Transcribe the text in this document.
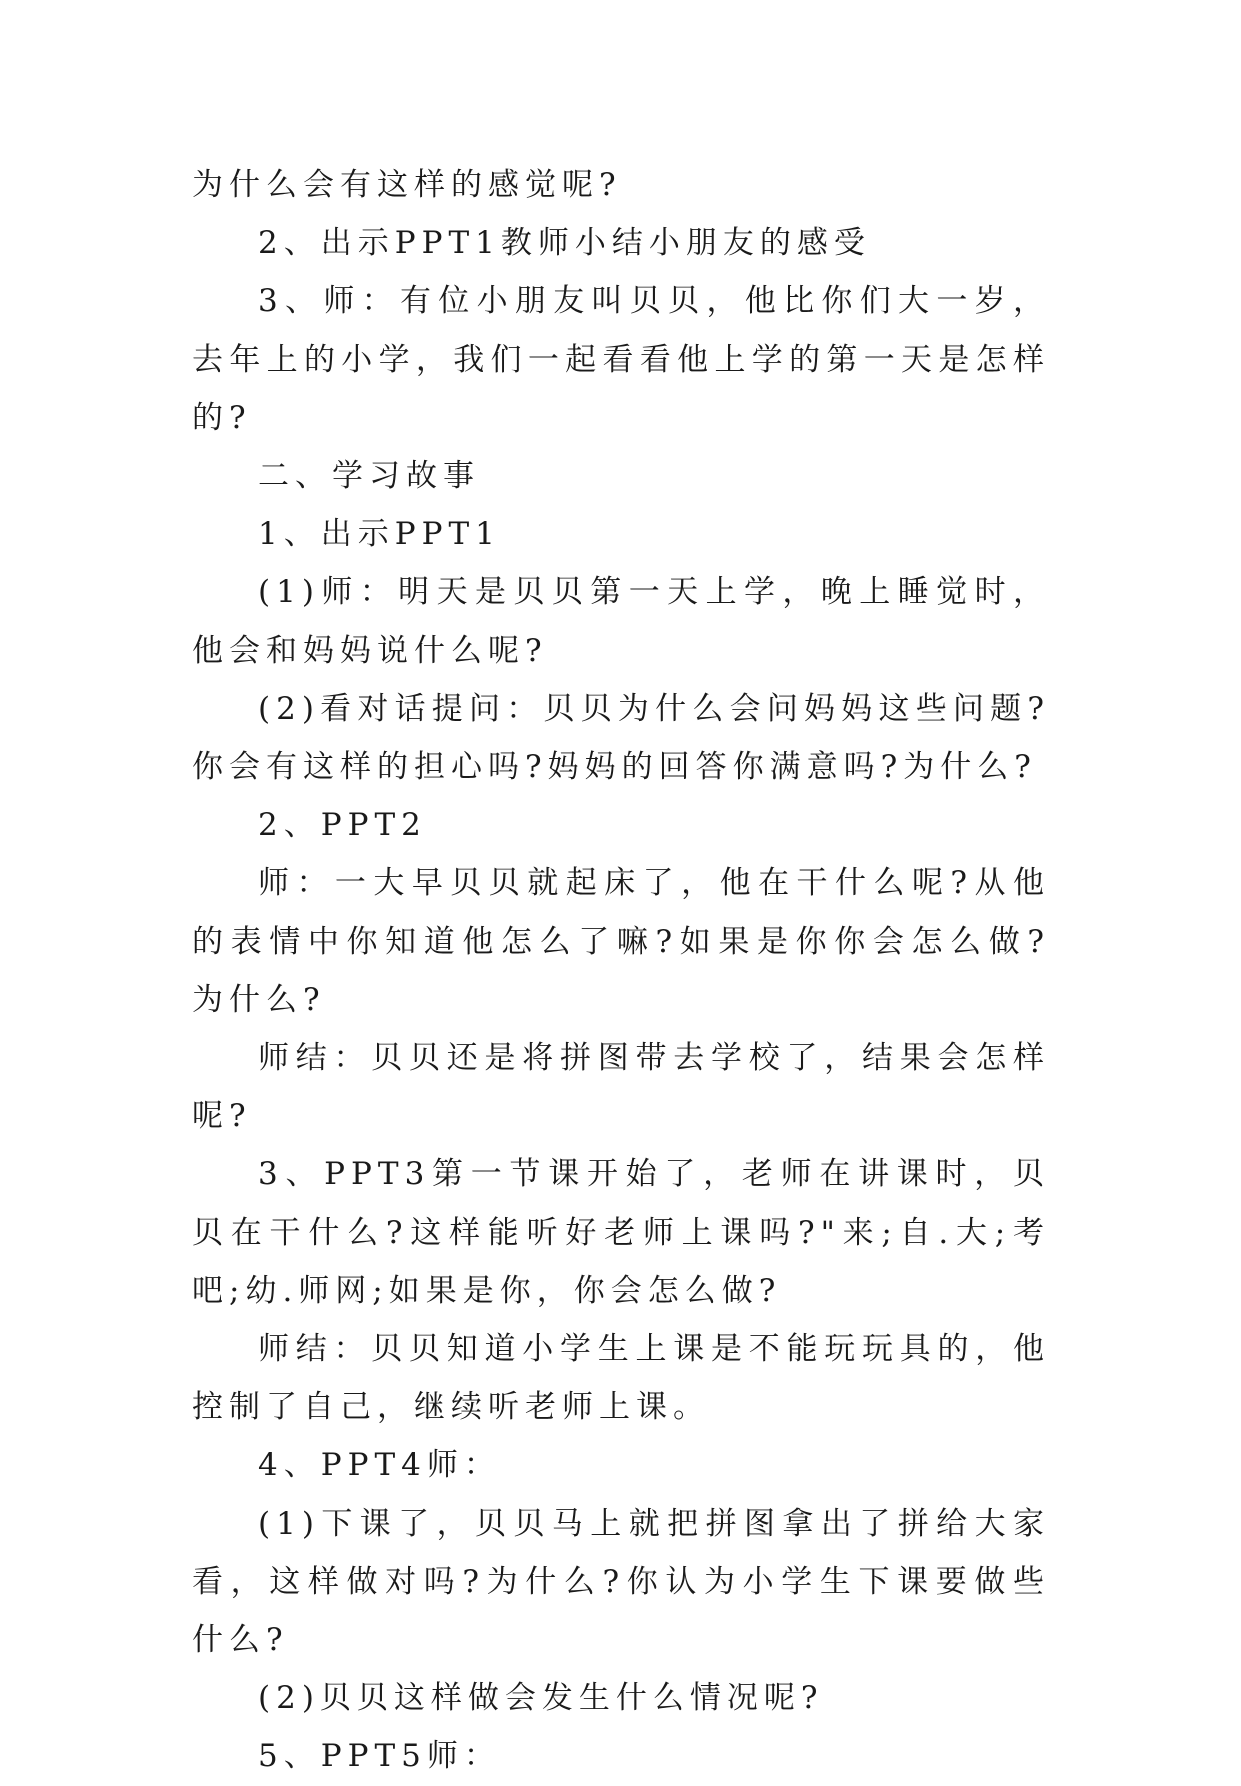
为什么会有这样的感觉呢?

2、出示PPT1教师小结小朋友的感受

3、师：有位小朋友叫贝贝，他比你们大一岁，去年上的小学，我们一起看看他上学的第一天是怎样的?

二、学习故事

1、出示PPT1

(1)师：明天是贝贝第一天上学，晚上睡觉时，他会和妈妈说什么呢?

(2)看对话提问：贝贝为什么会问妈妈这些问题?你会有这样的担心吗?妈妈的回答你满意吗?为什么?

2、PPT2

师：一大早贝贝就起床了，他在干什么呢?从他的表情中你知道他怎么了嘛?如果是你你会怎么做?为什么?

师结：贝贝还是将拼图带去学校了，结果会怎样呢?

3、PPT3第一节课开始了，老师在讲课时，贝贝在干什么?这样能听好老师上课吗?"来;自.大;考吧;幼.师网;如果是你，你会怎么做?

师结：贝贝知道小学生上课是不能玩玩具的，他控制了自己，继续听老师上课。

4、PPT4师：

(1)下课了，贝贝马上就把拼图拿出了拼给大家看，这样做对吗?为什么?你认为小学生下课要做些什么?

(2)贝贝这样做会发生什么情况呢?

5、PPT5师：
